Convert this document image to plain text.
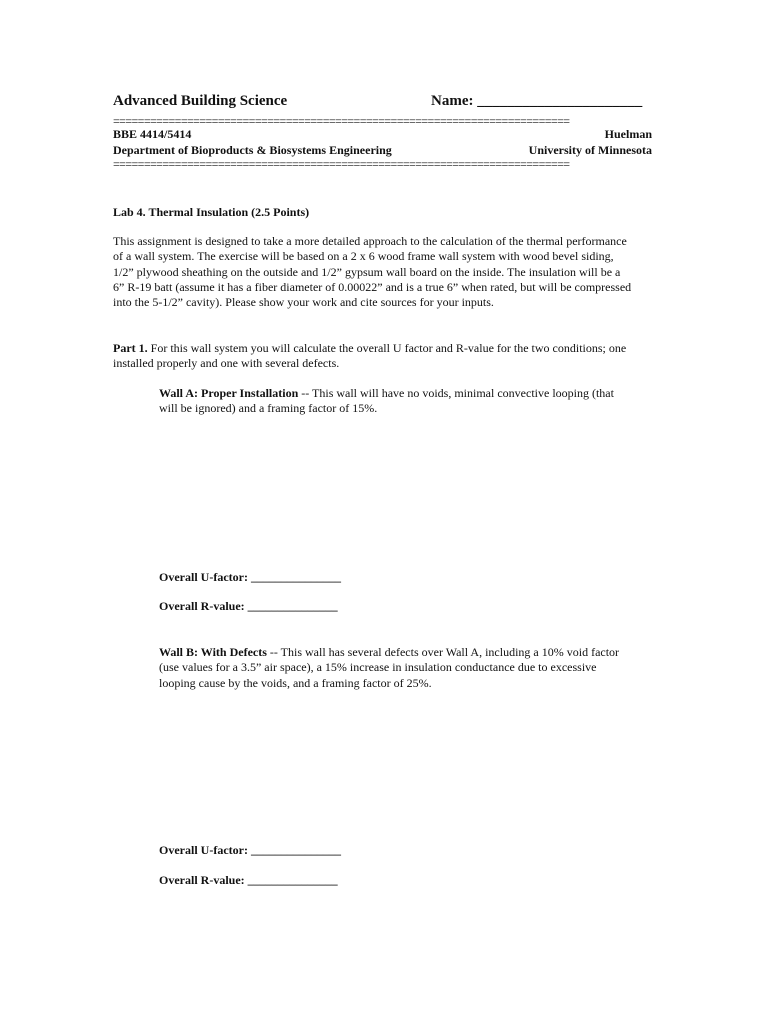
Advanced Building Science	Name: ______________________
==========================================================================
BBE 4414/5414	Huelman
Department of Bioproducts & Biosystems Engineering	University of Minnesota
==========================================================================
Lab 4. Thermal Insulation (2.5 Points)
This assignment is designed to take a more detailed approach to the calculation of the thermal performance
of a wall system. The exercise will be based on a 2 x 6 wood frame wall system with wood bevel siding,
1/2” plywood sheathing on the outside and 1/2” gypsum wall board on the inside. The insulation will be a
6” R-19 batt (assume it has a fiber diameter of 0.00022” and is a true 6” when rated, but will be compressed
into the 5-1/2” cavity). Please show your work and cite sources for your inputs.
Part 1. For this wall system you will calculate the overall U factor and R-value for the two conditions; one
installed properly and one with several defects.
Wall A: Proper Installation -- This wall will have no voids, minimal convective looping (that
will be ignored) and a framing factor of 15%.
Overall U-factor: _______________
Overall R-value: _______________
Wall B: With Defects -- This wall has several defects over Wall A, including a 10% void factor
(use values for a 3.5” air space), a 15% increase in insulation conductance due to excessive
looping cause by the voids, and a framing factor of 25%.
Overall U-factor: _______________
Overall R-value: _______________
